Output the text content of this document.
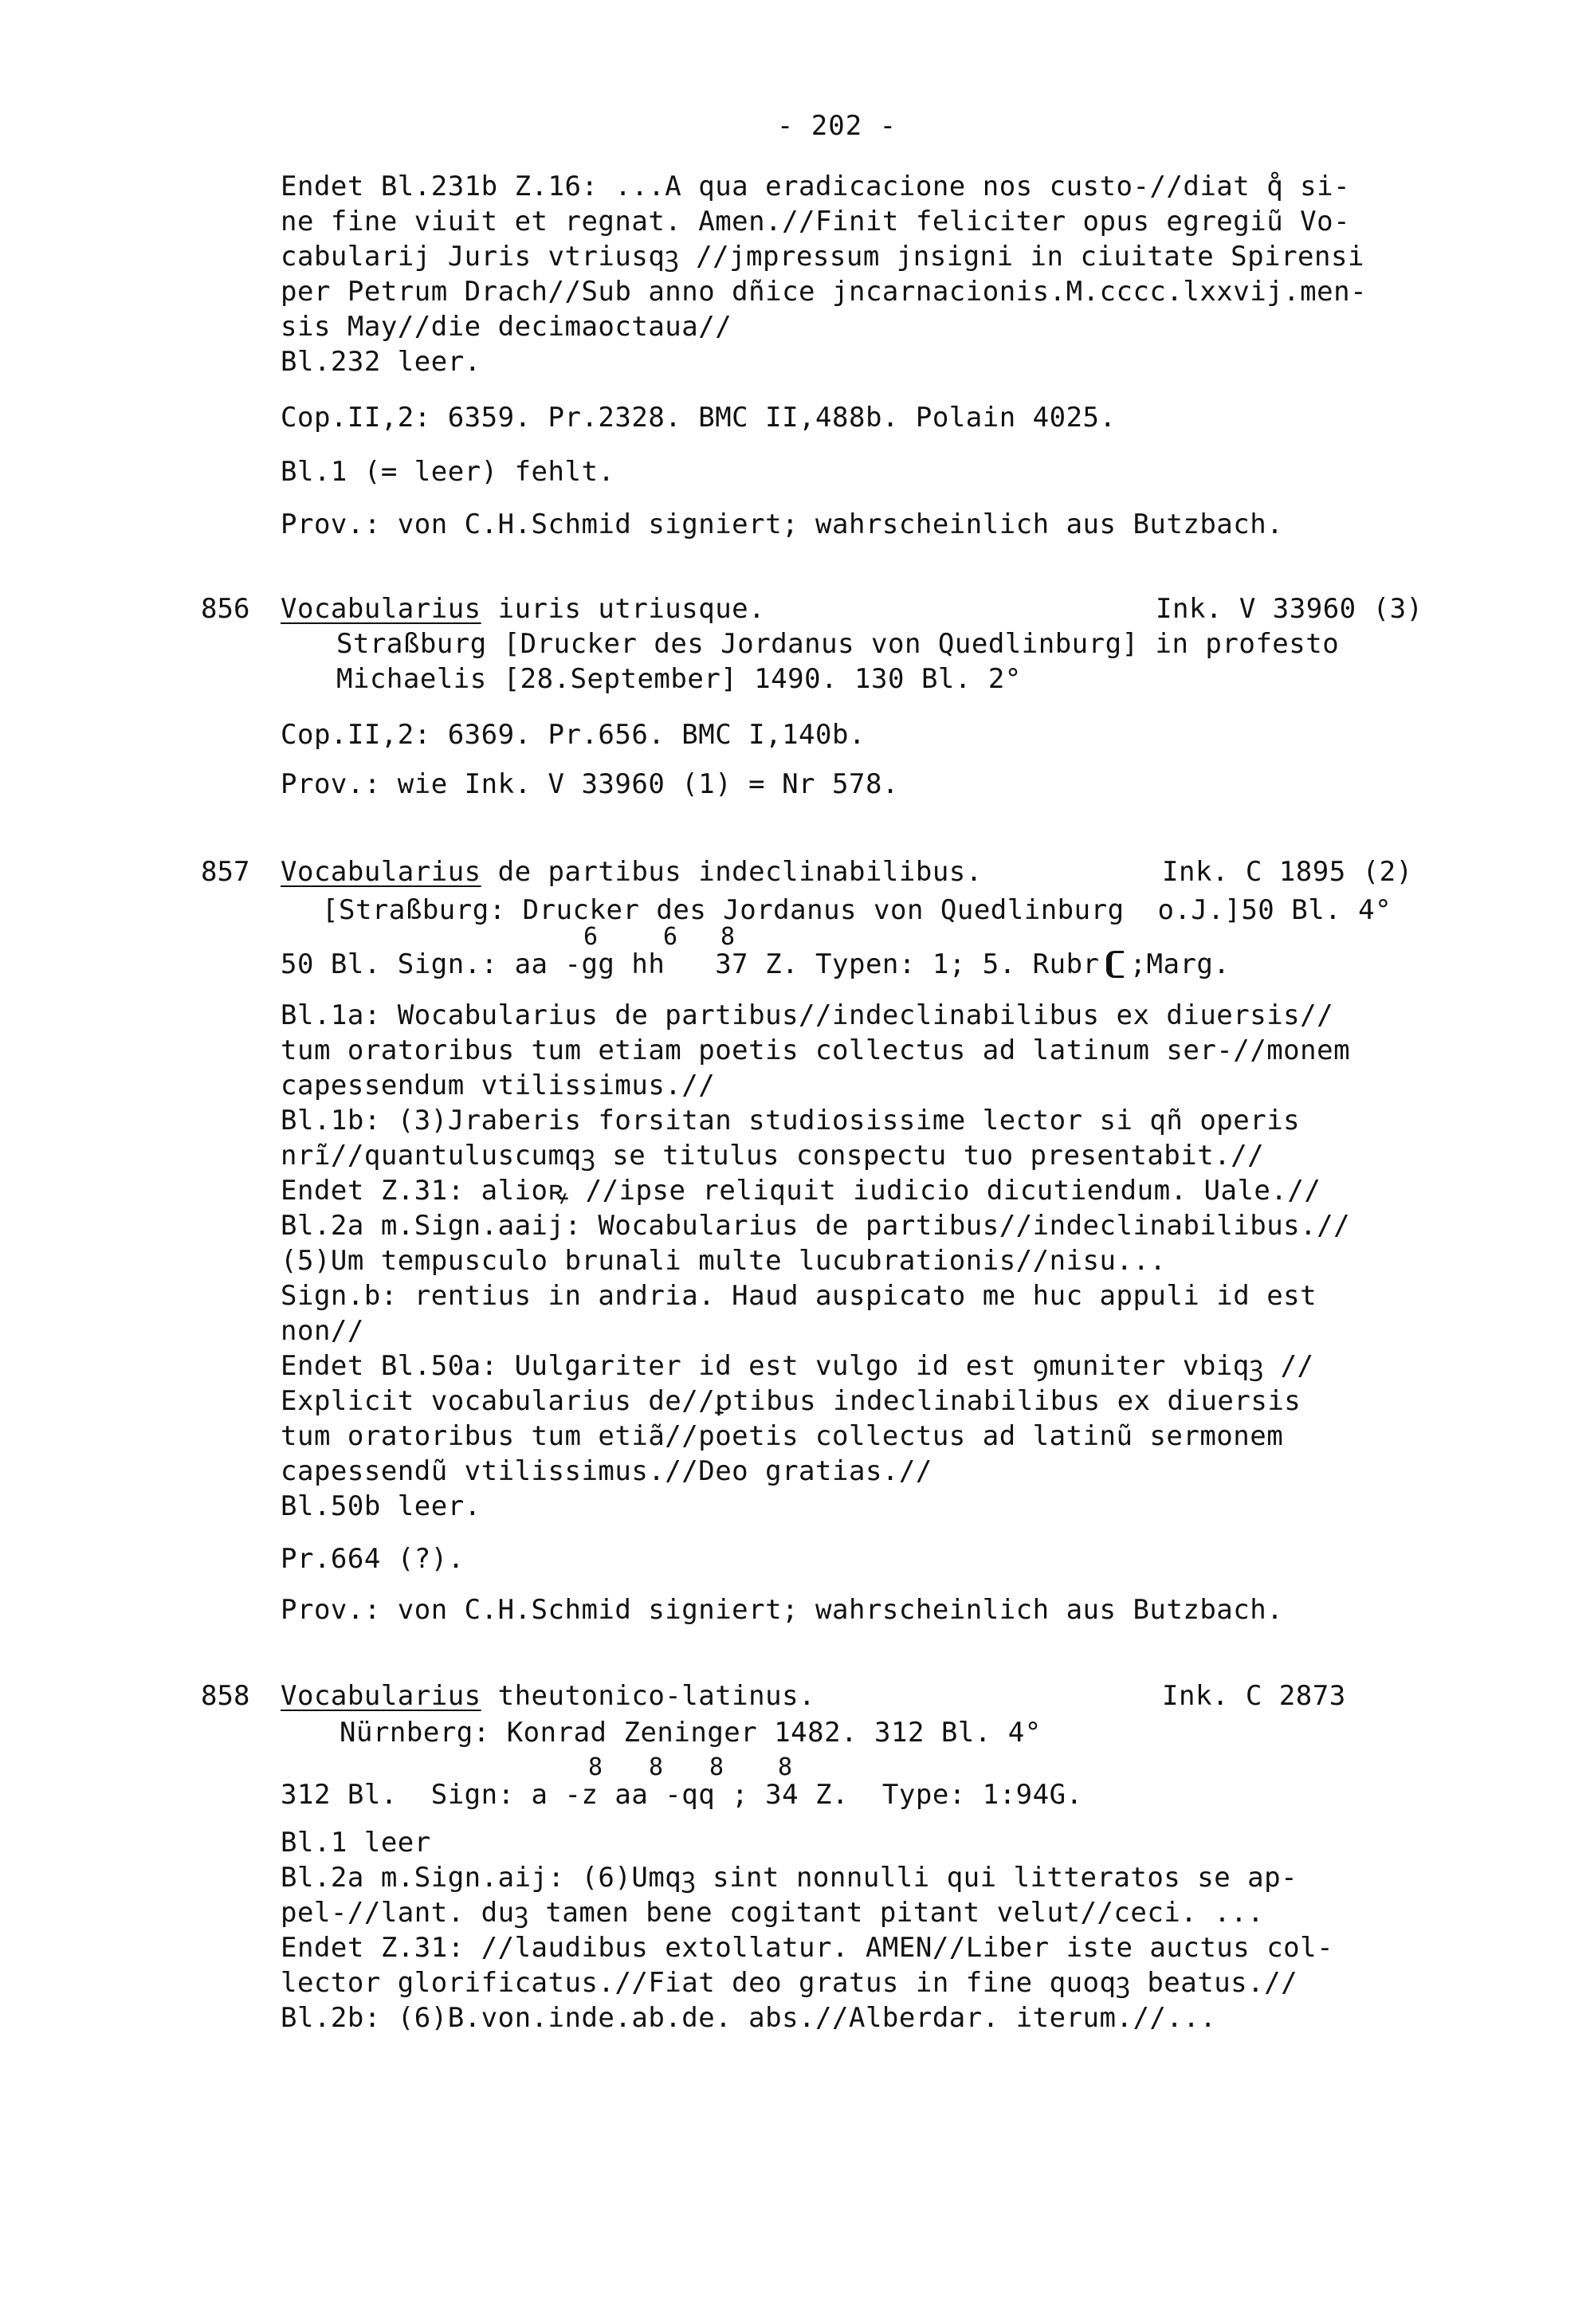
- 202 -
Endet Bl.231b Z.16: ...A qua eradicacione nos custo-//diat q̊ si-
ne fine viuit et regnat. Amen.//Finit feliciter opus egregiũ Vo-
cabularij Juris vtriusqꝫ //jmpressum jnsigni in ciuitate Spirensi
per Petrum Drach//Sub anno dñice jncarnacionis.M.cccc.lxxvij.men-
sis May//die decimaoctaua//
Bl.232 leer.
Cop.II,2: 6359. Pr.2328. BMC II,488b. Polain 4025.
Bl.1 (= leer) fehlt.
Prov.: von C.H.Schmid signiert; wahrscheinlich aus Butzbach.
856 Vocabularius iuris utriusque.	Ink. V 33960 (3)
Straßburg [Drucker des Jordanus von Quedlinburg] in profesto
Michaelis [28.September] 1490. 130 Bl. 2°
Cop.II,2: 6369. Pr.656. BMC I,140b.
Prov.: wie Ink. V 33960 (1) = Nr 578.
857 Vocabularius de partibus indeclinabilibus.	Ink. C 1895 (2)
[Straßburg: Drucker des Jordanus von Quedlinburg  o.J.]50 Bl. 4°
6	6 8
50 Bl. Sign.: aa -gg hh   37 Z. Typen: 1; 5. Rubr ;Marg.
Bl.1a: Wocabularius de partibus//indeclinabilibus ex diuersis//
tum oratoribus tum etiam poetis collectus ad latinum ser-//monem
capessendum vtilissimus.//
Bl.1b: (3)Jraberis forsitan studiosissime lector si qñ operis
nrĩ//quantuluscumqꝫ se titulus conspectu tuo presentabit.//
Endet Z.31: alioꝶ //ipse reliquit iudicio dicutiendum. Uale.//
Bl.2a m.Sign.aaij: Wocabularius de partibus//indeclinabilibus.//
(5)Um tempusculo brunali multe lucubrationis//nisu...
Sign.b: rentius in andria. Haud auspicato me huc appuli id est
non//
Endet Bl.50a: Uulgariter id est vulgo id est ꝯmuniter vbiqꝫ //
Explicit vocabularius de//ꝑtibus indeclinabilibus ex diuersis
tum oratoribus tum etiã//poetis collectus ad latinũ sermonem
capessendũ vtilissimus.//Deo gratias.//
Bl.50b leer.
Pr.664 (?).
Prov.: von C.H.Schmid signiert; wahrscheinlich aus Butzbach.
858 Vocabularius theutonico-latinus.	Ink. C 2873
Nürnberg: Konrad Zeninger 1482. 312 Bl. 4°
8 8 8 8
312 Bl.  Sign: a -z aa -qq ; 34 Z.  Type: 1:94G.
Bl.1 leer
Bl.2a m.Sign.aij: (6)Umqꝫ sint nonnulli qui litteratos se ap-
pel-//lant. duꝫ tamen bene cogitant pitant velut//ceci. ...
Endet Z.31: //laudibus extollatur. AMEN//Liber iste auctus col-
lector glorificatus.//Fiat deo gratus in fine quoqꝫ beatus.//
Bl.2b: (6)B.von.inde.ab.de. abs.//Alberdar. iterum.//...
